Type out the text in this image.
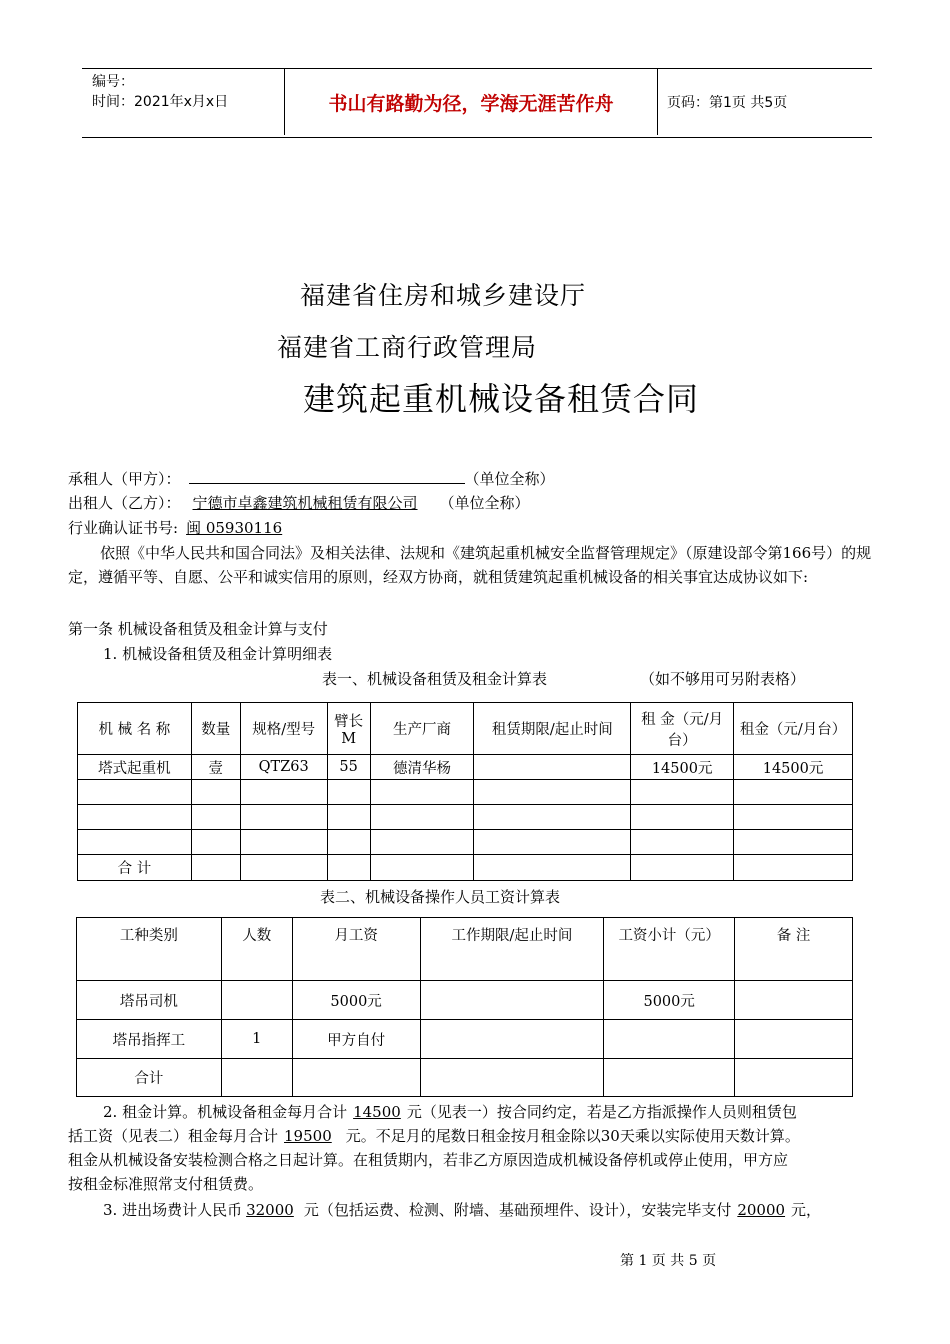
编号：
时间：2021年x月x日	书山有路勤为径，学海无涯苦作舟	页码：第1页 共5页
福建省住房和城乡建设厅
福建省工商行政管理局
建筑起重机械设备租赁合同
承租人（甲方）：	（单位全称）
出租人（乙方）： 宁德市卓鑫建筑机械租赁有限公司 （单位全称）
行业确认证书号: 闽 05930116
依照《中华人民共和国合同法》及相关法律、法规和《建筑起重机械安全监督管理规定》（原建设部令第166号）的规定，遵循平等、自愿、公平和诚实信用的原则，经双方协商，就租赁建筑起重机械设备的相关事宜达成协议如下:
第一条 机械设备租赁及租金计算与支付
1. 机械设备租赁及租金计算明细表
表一、机械设备租赁及租金计算表	（如不够用可另附表格）
机 械 名 称	数量	规格/型号	臂长M	生产厂商	租赁期限/起止时间	租 金（元/月台）	租金（元/月台）
塔式起重机	壹	QTZ63	55	德清华杨		14500元	14500元

合 计							
表二、机械设备操作人员工资计算表
工种类别	人数	月工资	工作期限/起止时间	工资小计（元）	备 注
塔吊司机		5000元		5000元	
塔吊指挥工	1	甲方自付			
合计					
2. 租金计算。机械设备租金每月合计 14500 元（见表一）按合同约定，若是乙方指派操作人员则租赁包
括工资（见表二）租金每月合计 19500 元。不足月的尾数日租金按月租金除以30天乘以实际使用天数计算。
租金从机械设备安装检测合格之日起计算。在租赁期内，若非乙方原因造成机械设备停机或停止使用，甲方应
按租金标准照常支付租赁费。
3. 进出场费计人民币 32000 元（包括运费、检测、附墙、基础预埋件、设计），安装完毕支付 20000 元，
第 1 页 共 5 页
